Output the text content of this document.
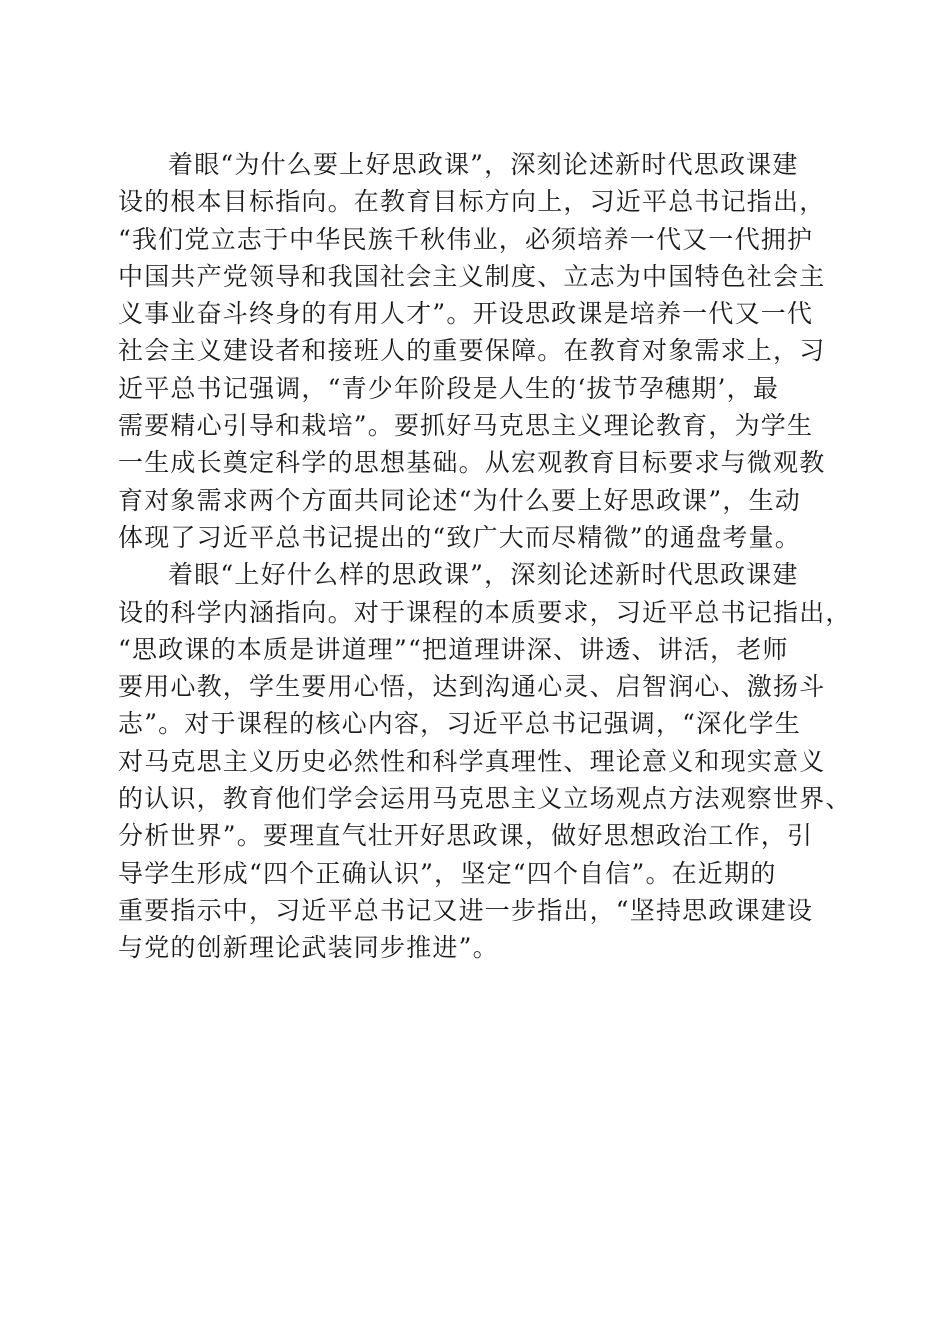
着眼“为什么要上好思政课”，深刻论述新时代思政课建
设的根本目标指向。在教育目标方向上，习近平总书记指出，
“我们党立志于中华民族千秋伟业，必须培养一代又一代拥护
中国共产党领导和我国社会主义制度、立志为中国特色社会主
义事业奋斗终身的有用人才”。开设思政课是培养一代又一代
社会主义建设者和接班人的重要保障。在教育对象需求上，习
近平总书记强调，“青少年阶段是人生的‘拔节孕穗期’，最
需要精心引导和栽培”。要抓好马克思主义理论教育，为学生
一生成长奠定科学的思想基础。从宏观教育目标要求与微观教
育对象需求两个方面共同论述“为什么要上好思政课”，生动
体现了习近平总书记提出的“致广大而尽精微”的通盘考量。
着眼“上好什么样的思政课”，深刻论述新时代思政课建
设的科学内涵指向。对于课程的本质要求，习近平总书记指出，
“思政课的本质是讲道理”“把道理讲深、讲透、讲活，老师
要用心教，学生要用心悟，达到沟通心灵、启智润心、激扬斗
志”。对于课程的核心内容，习近平总书记强调，“深化学生
对马克思主义历史必然性和科学真理性、理论意义和现实意义
的认识，教育他们学会运用马克思主义立场观点方法观察世界、
分析世界”。要理直气壮开好思政课，做好思想政治工作，引
导学生形成“四个正确认识”，坚定“四个自信”。在近期的
重要指示中，习近平总书记又进一步指出，“坚持思政课建设
与党的创新理论武装同步推进”。
